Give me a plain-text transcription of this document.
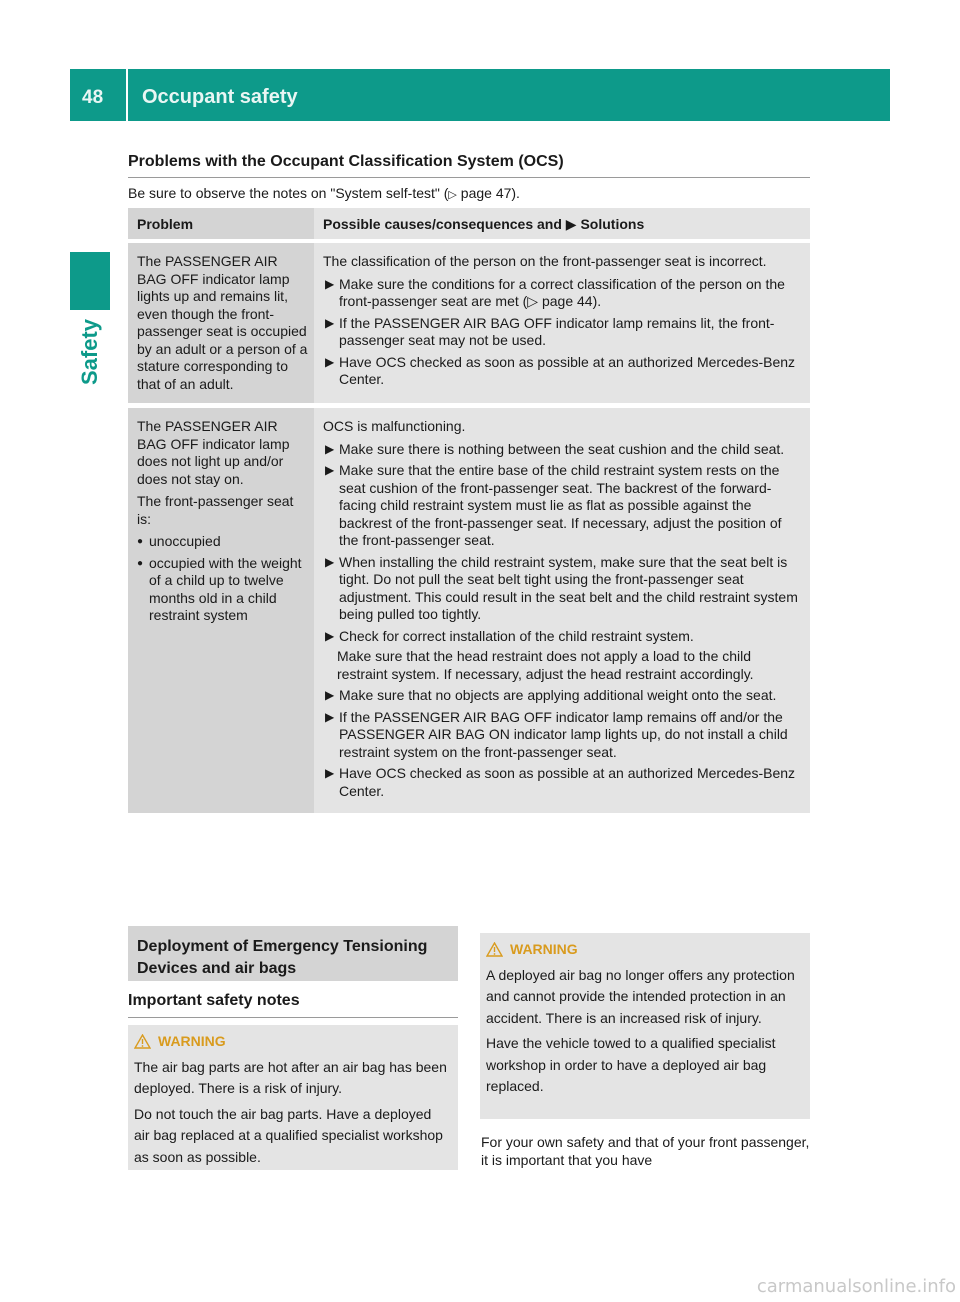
48 Occupant safety
Safety
Problems with the Occupant Classification System (OCS)
Be sure to observe the notes on "System self-test" (▷ page 47).
Problem	Possible causes/consequences and ▶ Solutions
The PASSENGER AIR BAG OFF indicator lamp lights up and remains lit, even though the front-passenger seat is occupied by an adult or a person of a stature corresponding to that of an adult.

The classification of the person on the front-passenger seat is incorrect.

▶ Make sure the conditions for a correct classification of the person on the front-passenger seat are met (▷ page 44).
▶ If the PASSENGER AIR BAG OFF indicator lamp remains lit, the front-passenger seat may not be used.
▶ Have OCS checked as soon as possible at an authorized Mercedes-Benz Center.

The PASSENGER AIR BAG OFF indicator lamp does not light up and/or does not stay on.

The front-passenger seat is:

● unoccupied
● occupied with the weight of a child up to twelve months old in a child restraint system

OCS is malfunctioning.

▶ Make sure there is nothing between the seat cushion and the child seat.
▶ Make sure that the entire base of the child restraint system rests on the seat cushion of the front-passenger seat. The backrest of the forward-facing child restraint system must lie as flat as possible against the backrest of the front-passenger seat. If necessary, adjust the position of the front-passenger seat.
▶ When installing the child restraint system, make sure that the seat belt is tight. Do not pull the seat belt tight using the front-passenger seat adjustment. This could result in the seat belt and the child restraint system being pulled too tightly.
▶ Check for correct installation of the child restraint system.

Make sure that the head restraint does not apply a load to the child restraint system. If necessary, adjust the head restraint accordingly.

▶ Make sure that no objects are applying additional weight onto the seat.
▶ If the PASSENGER AIR BAG OFF indicator lamp remains off and/or the PASSENGER AIR BAG ON indicator lamp lights up, do not install a child restraint system on the front-passenger seat.
▶ Have OCS checked as soon as possible at an authorized Mercedes-Benz Center.
Deployment of Emergency Tensioning
Devices and air bags
Important safety notes
WARNING

The air bag parts are hot after an air bag has been deployed. There is a risk of injury.

Do not touch the air bag parts. Have a deployed air bag replaced at a qualified specialist workshop as soon as possible.

WARNING

A deployed air bag no longer offers any protection and cannot provide the intended protection in an accident. There is an increased risk of injury.

Have the vehicle towed to a qualified specialist workshop in order to have a deployed air bag replaced.

For your own safety and that of your front passenger, it is important that you have
carmanualsonline.info
